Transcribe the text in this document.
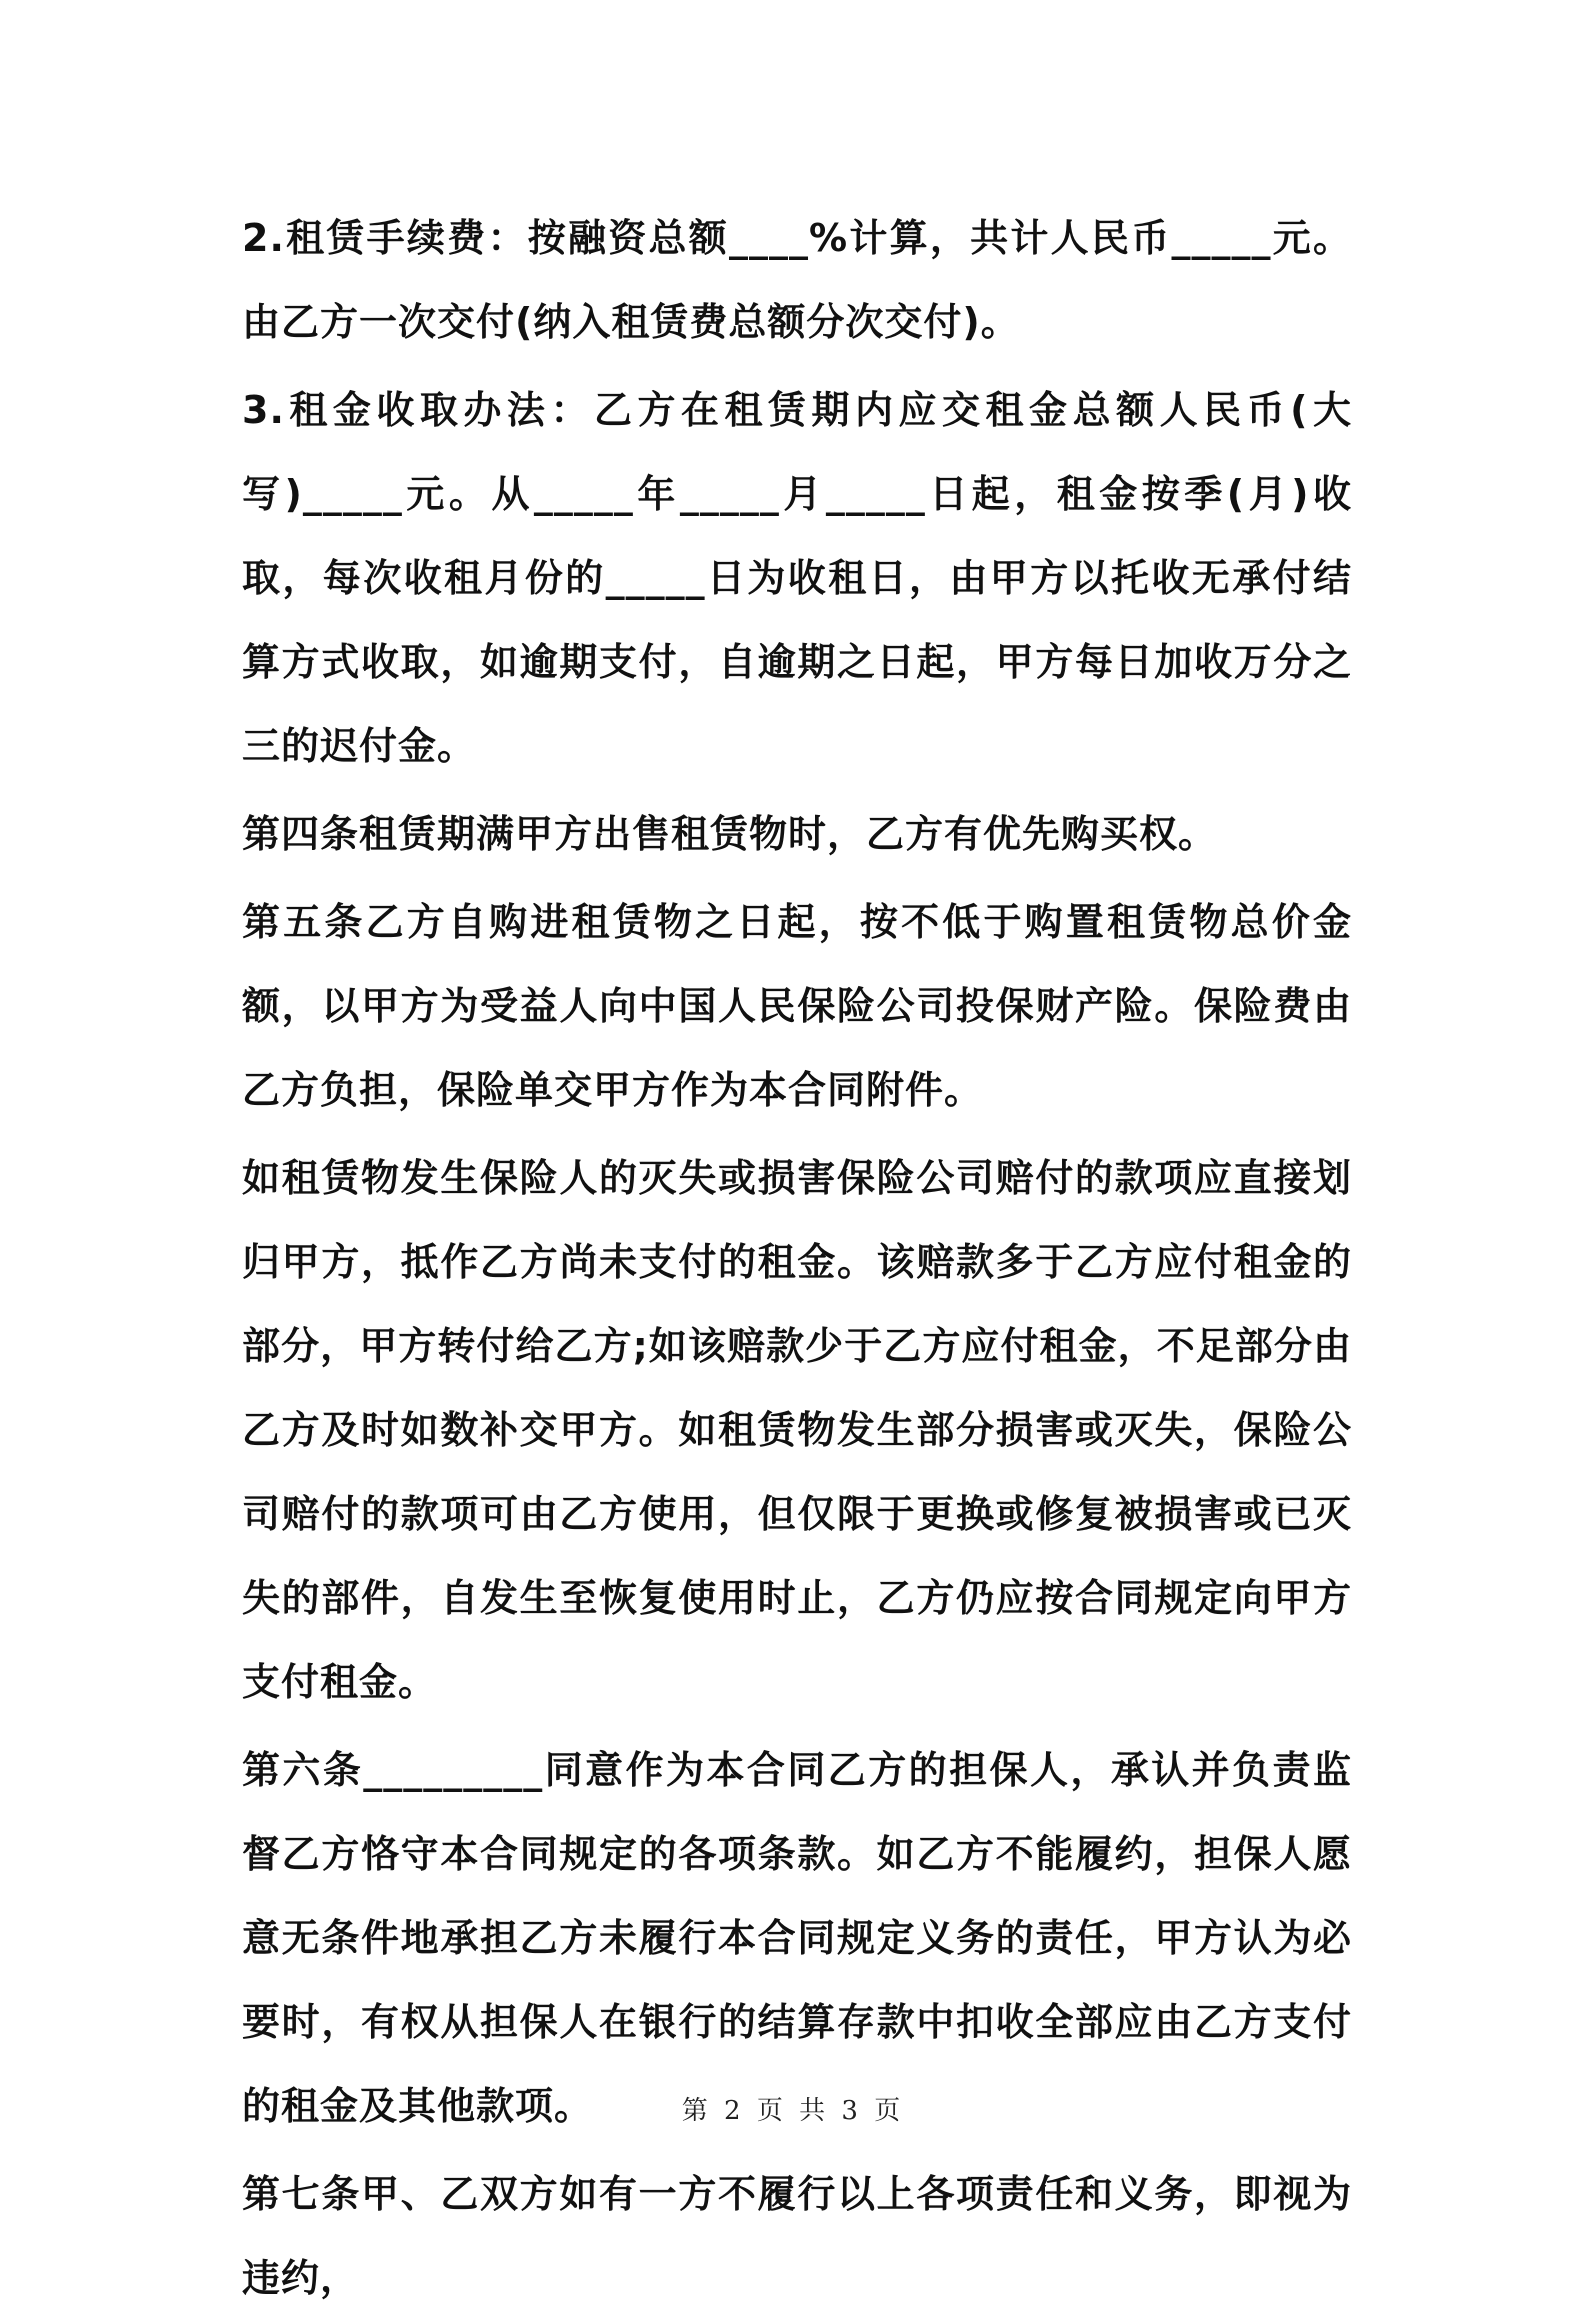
2.租赁手续费：按融资总额____%计算，共计人民币_____元。由乙方一次交付(纳入租赁费总额分次交付)。

3.租金收取办法：乙方在租赁期内应交租金总额人民币(大写)_____元。从_____年_____月_____日起，租金按季(月)收取，每次收租月份的_____日为收租日，由甲方以托收无承付结算方式收取，如逾期支付，自逾期之日起，甲方每日加收万分之三的迟付金。

第四条租赁期满甲方出售租赁物时，乙方有优先购买权。

第五条乙方自购进租赁物之日起，按不低于购置租赁物总价金额，以甲方为受益人向中国人民保险公司投保财产险。保险费由乙方负担，保险单交甲方作为本合同附件。

如租赁物发生保险人的灭失或损害保险公司赔付的款项应直接划归甲方，抵作乙方尚未支付的租金。该赔款多于乙方应付租金的部分，甲方转付给乙方;如该赔款少于乙方应付租金，不足部分由乙方及时如数补交甲方。如租赁物发生部分损害或灭失，保险公司赔付的款项可由乙方使用，但仅限于更换或修复被损害或已灭失的部件，自发生至恢复使用时止，乙方仍应按合同规定向甲方支付租金。

第六条_________同意作为本合同乙方的担保人，承认并负责监督乙方恪守本合同规定的各项条款。如乙方不能履约，担保人愿意无条件地承担乙方未履行本合同规定义务的责任，甲方认为必要时，有权从担保人在银行的结算存款中扣收全部应由乙方支付的租金及其他款项。

第七条甲、乙双方如有一方不履行以上各项责任和义务，即视为违约，

第 2 页 共 3 页
